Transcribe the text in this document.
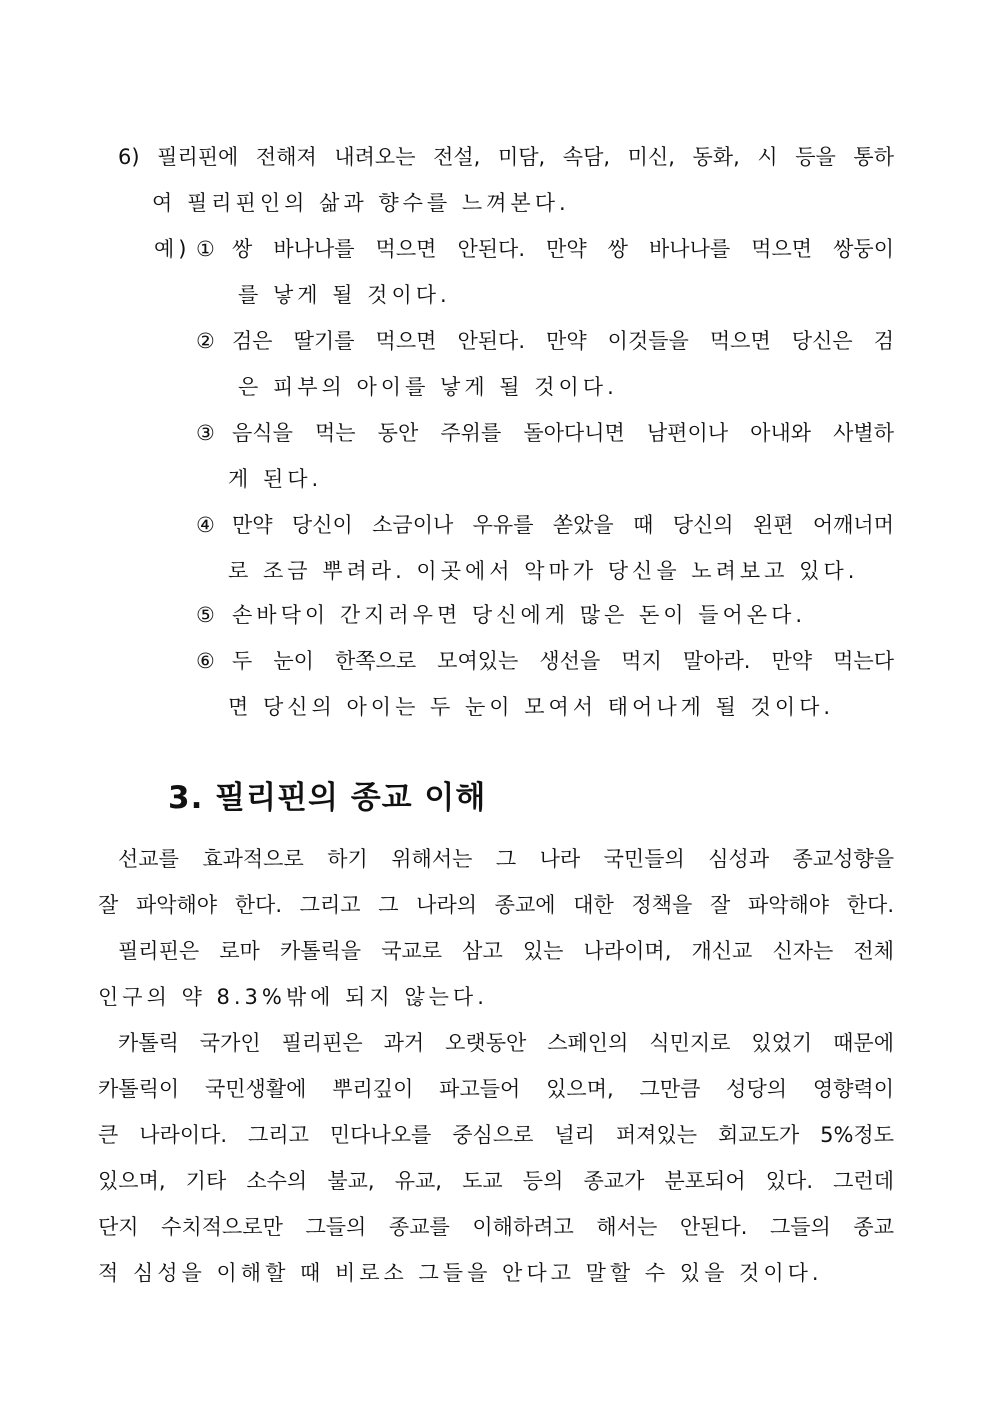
6) 필리핀에 전해져 내려오는 전설, 미담, 속담, 미신, 동화, 시 등을 통하
여 필리핀인의 삶과 향수를 느껴본다.
예) ① 쌍 바나나를 먹으면 안된다. 만약 쌍 바나나를 먹으면 쌍둥이
를 낳게 될 것이다.
② 검은 딸기를 먹으면 안된다. 만약 이것들을 먹으면 당신은 검
은 피부의 아이를 낳게 될 것이다.
③ 음식을 먹는 동안 주위를 돌아다니면 남편이나 아내와 사별하
게 된다.
④ 만약 당신이 소금이나 우유를 쏟았을 때 당신의 왼편 어깨너머
로 조금 뿌려라. 이곳에서 악마가 당신을 노려보고 있다.
⑤ 손바닥이 간지러우면 당신에게 많은 돈이 들어온다.
⑥ 두 눈이 한쪽으로 모여있는 생선을 먹지 말아라. 만약 먹는다
면 당신의 아이는 두 눈이 모여서 태어나게 될 것이다.
3. 필리핀의 종교 이해
선교를 효과적으로 하기 위해서는 그 나라 국민들의 심성과 종교성향을
잘 파악해야 한다. 그리고 그 나라의 종교에 대한 정책을 잘 파악해야 한다.
필리핀은 로마 카톨릭을 국교로 삼고 있는 나라이며, 개신교 신자는 전체
인구의 약 8.3%밖에 되지 않는다.
카톨릭 국가인 필리핀은 과거 오랫동안 스페인의 식민지로 있었기 때문에
카톨릭이 국민생활에 뿌리깊이 파고들어 있으며, 그만큼 성당의 영향력이
큰 나라이다. 그리고 민다나오를 중심으로 널리 퍼져있는 회교도가 5%정도
있으며, 기타 소수의 불교, 유교, 도교 등의 종교가 분포되어 있다. 그런데
단지 수치적으로만 그들의 종교를 이해하려고 해서는 안된다. 그들의 종교
적 심성을 이해할 때 비로소 그들을 안다고 말할 수 있을 것이다.
